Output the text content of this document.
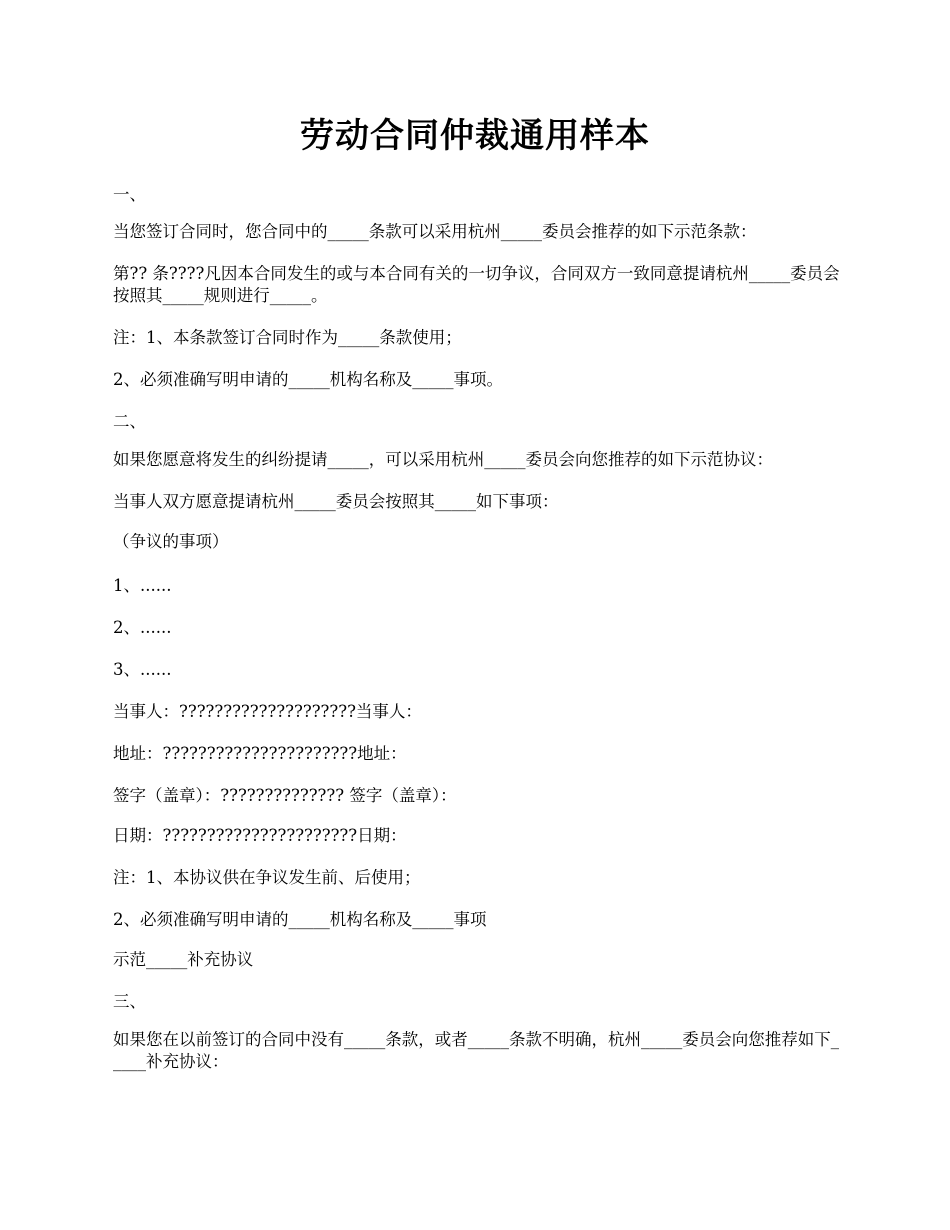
劳动合同仲裁通用样本
一、
当您签订合同时，您合同中的_____条款可以采用杭州_____委员会推荐的如下示范条款：
第?? 条????凡因本合同发生的或与本合同有关的一切争议，合同双方一致同意提请杭州_____委员会按照其_____规则进行_____。
注：1、本条款签订合同时作为_____条款使用；
2、必须准确写明申请的_____机构名称及_____事项。
二、
如果您愿意将发生的纠纷提请_____，可以采用杭州_____委员会向您推荐的如下示范协议：
当事人双方愿意提请杭州_____委员会按照其_____如下事项：
（争议的事项）
1、......
2、......
3、......
当事人：????????????????????当事人：
地址：??????????????????????地址：
签字（盖章）：?????????????? 签字（盖章）：
日期：??????????????????????日期：
注：1、本协议供在争议发生前、后使用；
2、必须准确写明申请的_____机构名称及_____事项
示范_____补充协议
三、
如果您在以前签订的合同中没有_____条款，或者_____条款不明确，杭州_____委员会向您推荐如下_____补充协议：
